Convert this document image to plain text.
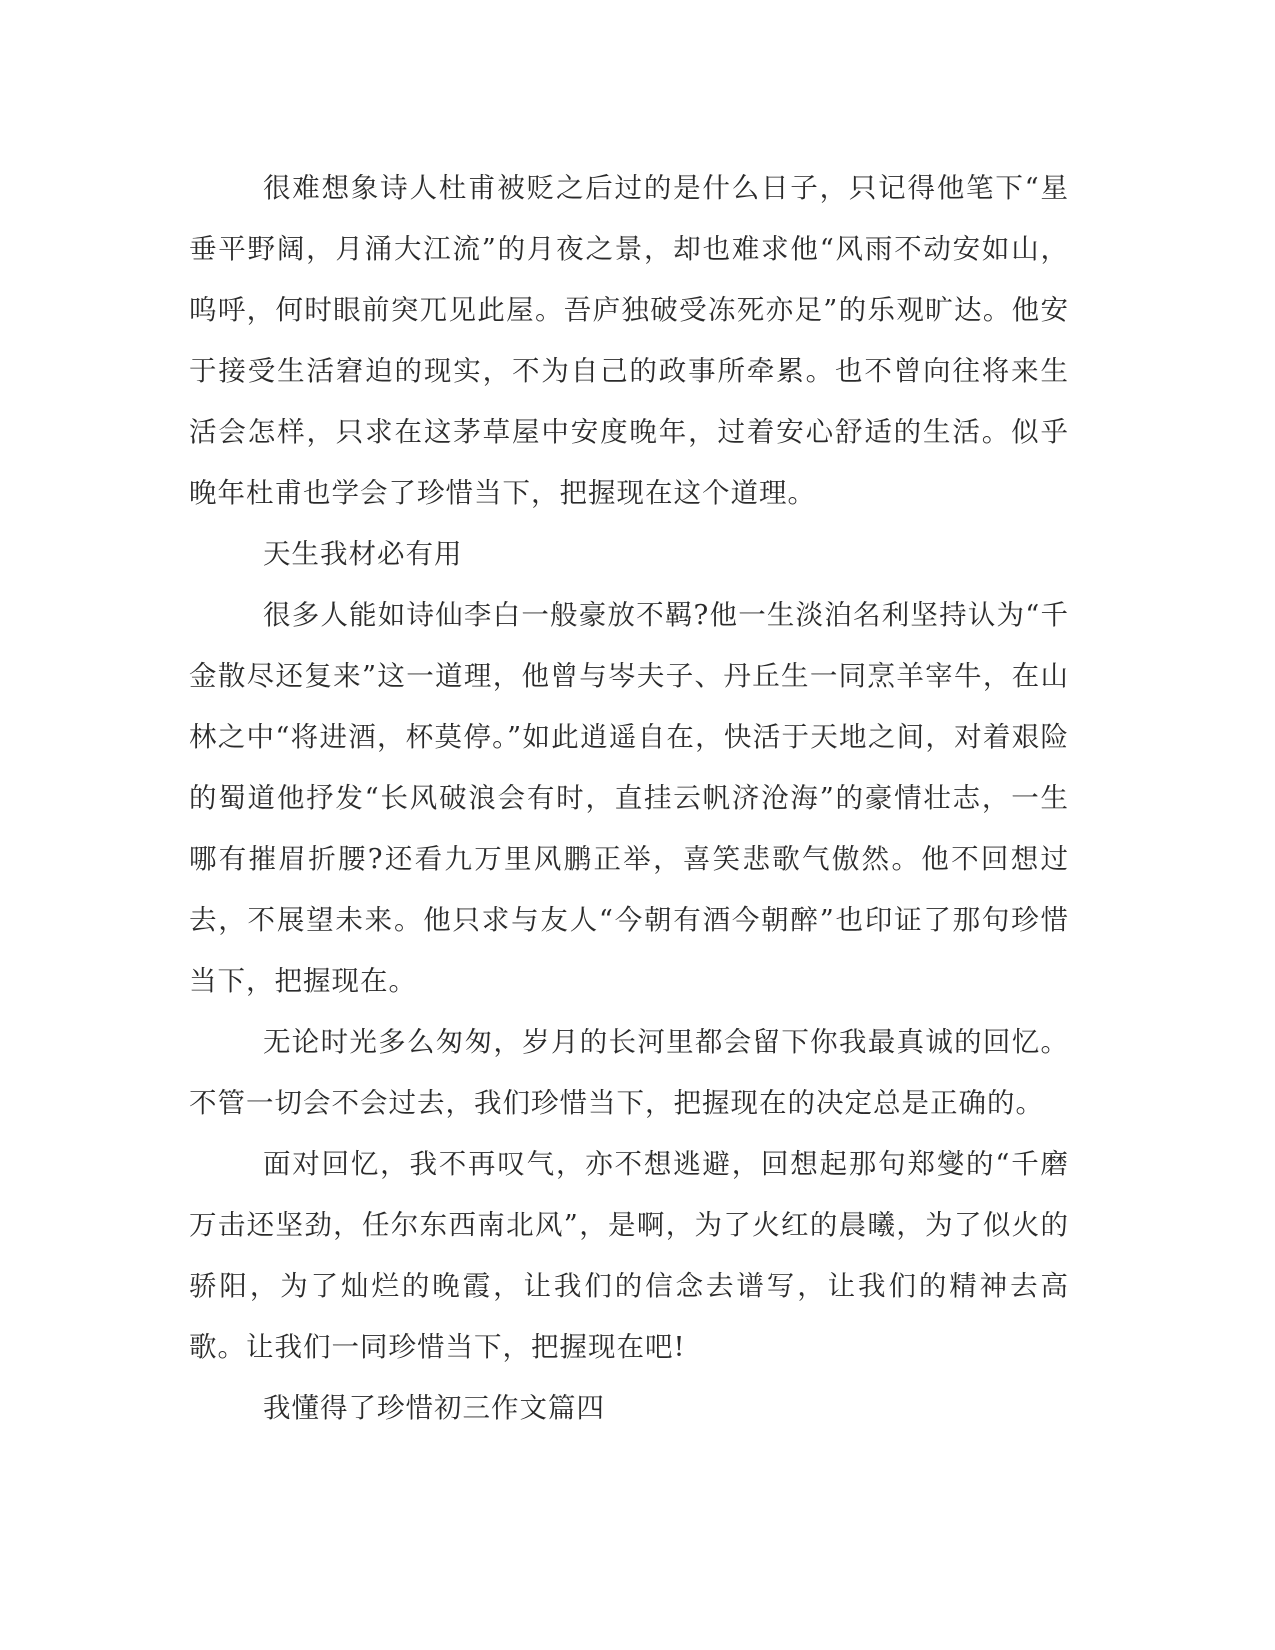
很难想象诗人杜甫被贬之后过的是什么日子，只记得他笔下“星垂平野阔，月涌大江流”的月夜之景，却也难求他“风雨不动安如山，呜呼，何时眼前突兀见此屋。吾庐独破受冻死亦足”的乐观旷达。他安于接受生活窘迫的现实，不为自己的政事所牵累。也不曾向往将来生活会怎样，只求在这茅草屋中安度晚年，过着安心舒适的生活。似乎晚年杜甫也学会了珍惜当下，把握现在这个道理。

天生我材必有用

很多人能如诗仙李白一般豪放不羁?他一生淡泊名利坚持认为“千金散尽还复来”这一道理，他曾与岑夫子、丹丘生一同烹羊宰牛，在山林之中“将进酒，杯莫停。”如此逍遥自在，快活于天地之间，对着艰险的蜀道他抒发“长风破浪会有时，直挂云帆济沧海”的豪情壮志，一生哪有摧眉折腰?还看九万里风鹏正举，喜笑悲歌气傲然。他不回想过去，不展望未来。他只求与友人“今朝有酒今朝醉”也印证了那句珍惜当下，把握现在。

无论时光多么匆匆，岁月的长河里都会留下你我最真诚的回忆。不管一切会不会过去，我们珍惜当下，把握现在的决定总是正确的。

面对回忆，我不再叹气，亦不想逃避，回想起那句郑燮的“千磨万击还坚劲，任尔东西南北风”，是啊，为了火红的晨曦，为了似火的骄阳，为了灿烂的晚霞，让我们的信念去谱写，让我们的精神去高歌。让我们一同珍惜当下，把握现在吧!

我懂得了珍惜初三作文篇四
